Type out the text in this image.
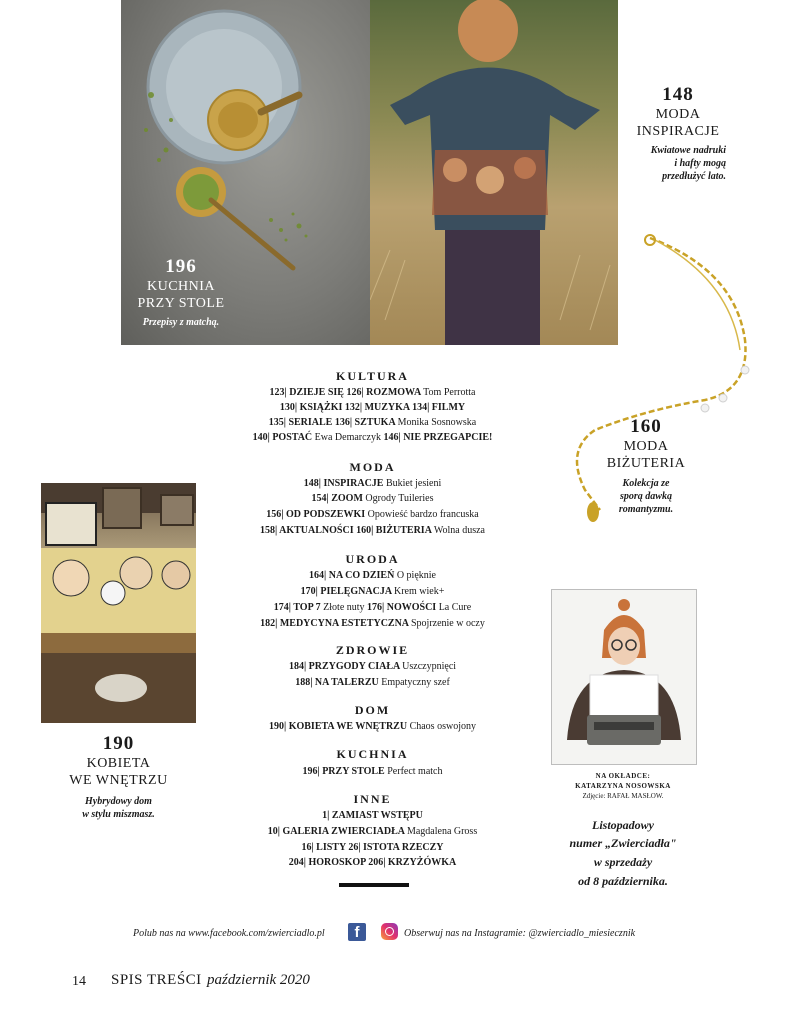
196
KUCHNIA
PRZY STOLE
Przepisy z matchą.
148
MODA
INSPIRACJE
Kwiatowe nadruki
i hafty mogą
przedłużyć lato.
160
MODA
BIŻUTERIA
Kolekcja ze
sporą dawką
romantyzmu.
190
KOBIETA
WE WNĘTRZU
Hybrydowy dom
w stylu miszmasz.
KULTURA
123| DZIEJE SIĘ 126| ROZMOWA Tom Perrotta
130| KSIĄŻKI 132| MUZYKA 134| FILMY
135| SERIALE 136| SZTUKA Monika Sosnowska
140| POSTAĆ Ewa Demarczyk 146| NIE PRZEGAPCIE!
MODA
148| INSPIRACJE Bukiet jesieni
154| ZOOM Ogrody Tuileries
156| OD PODSZEWKI Opowieść bardzo francuska
158| AKTUALNOŚCI 160| BIŻUTERIA Wolna dusza
URODA
164| NA CO DZIEŃ O pięknie
170| PIELĘGNACJA Krem wiek+
174| TOP 7 Złote nuty 176| NOWOŚCI La Cure
182| MEDYCYNA ESTETYCZNA Spojrzenie w oczy
ZDROWIE
184| PRZYGODY CIAŁA Uszczypnięci
188| NA TALERZU Empatyczny szef
DOM
190| KOBIETA WE WNĘTRZU Chaos oswojony
KUCHNIA
196| PRZY STOLE Perfect match
INNE
1| ZAMIAST WSTĘPU
10| GALERIA ZWIERCIADŁA Magdalena Gross
16| LISTY 26| ISTOTA RZECZY
204| HOROSKOP 206| KRZYŻÓWKA
NA OKŁADCE:
KATARZYNA NOSOWSKA
Zdjęcie: RAFAŁ MASŁOW.
Listopadowy
numer „Zwierciadła"
w sprzedaży
od 8 października.
Polub nas na www.facebook.com/zwierciadlo.pl	f	Obserwuj nas na Instagramie: @zwierciadlo_miesiecznik
14 SPIS TREŚCI październik 2020
